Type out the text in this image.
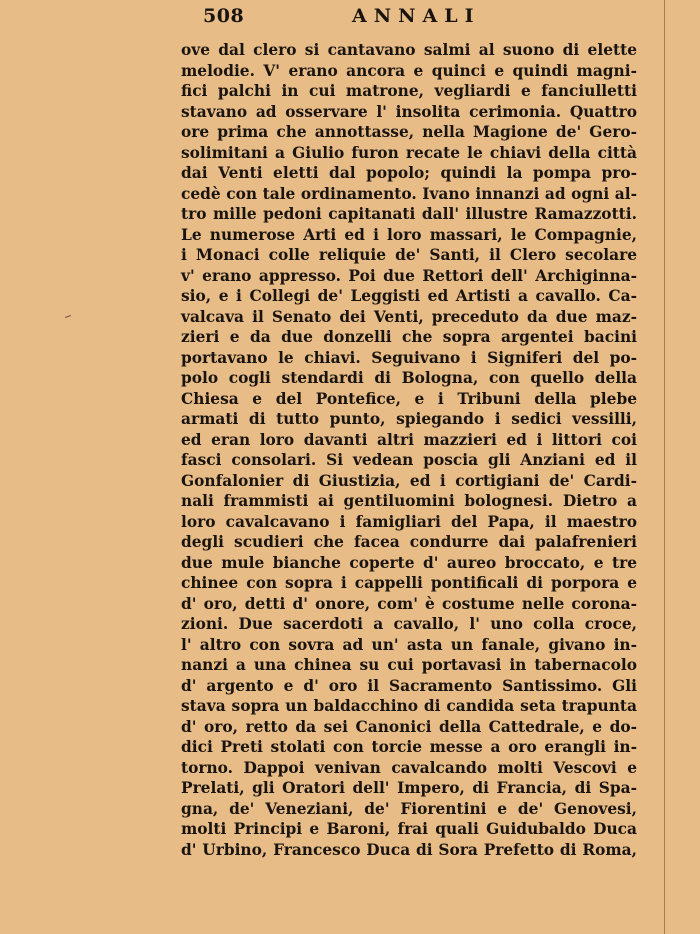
508	ANNALI
ove dal clero si cantavano salmi al suono di elette
melodie. V' erano ancora e quinci e quindi magni-
fici palchi in cui matrone, vegliardi e fanciulletti
stavano ad osservare l' insolita cerimonia. Quattro
ore prima che annottasse, nella Magione de' Gero-
solimitani a Giulio furon recate le chiavi della città
dai Venti eletti dal popolo; quindi la pompa pro-
cedè con tale ordinamento. Ivano innanzi ad ogni al-
tro mille pedoni capitanati dall' illustre Ramazzotti.
Le numerose Arti ed i loro massari, le Compagnie,
i Monaci colle reliquie de' Santi, il Clero secolare
v' erano appresso. Poi due Rettori dell' Archiginna-
sio, e i Collegi de' Leggisti ed Artisti a cavallo. Ca-
valcava il Senato dei Venti, preceduto da due maz-
zieri e da due donzelli che sopra argentei bacini
portavano le chiavi. Seguivano i Signiferi del po-
polo cogli stendardi di Bologna, con quello della
Chiesa e del Pontefice, e i Tribuni della plebe
armati di tutto punto, spiegando i sedici vessilli,
ed eran loro davanti altri mazzieri ed i littori coi
fasci consolari. Si vedean poscia gli Anziani ed il
Gonfalonier di Giustizia, ed i cortigiani de' Cardi-
nali frammisti ai gentiluomini bolognesi. Dietro a
loro cavalcavano i famigliari del Papa, il maestro
degli scudieri che facea condurre dai palafrenieri
due mule bianche coperte d' aureo broccato, e tre
chinee con sopra i cappelli pontificali di porpora e
d' oro, detti d' onore, com' è costume nelle corona-
zioni. Due sacerdoti a cavallo, l' uno colla croce,
l' altro con sovra ad un' asta un fanale, givano in-
nanzi a una chinea su cui portavasi in tabernacolo
d' argento e d' oro il Sacramento Santissimo. Gli
stava sopra un baldacchino di candida seta trapunta
d' oro, retto da sei Canonici della Cattedrale, e do-
dici Preti stolati con torcie messe a oro erangli in-
torno. Dappoi venivan cavalcando molti Vescovi e
Prelati, gli Oratori dell' Impero, di Francia, di Spa-
gna, de' Veneziani, de' Fiorentini e de' Genovesi,
molti Principi e Baroni, frai quali Guidubaldo Duca
d' Urbino, Francesco Duca di Sora Prefetto di Roma,
